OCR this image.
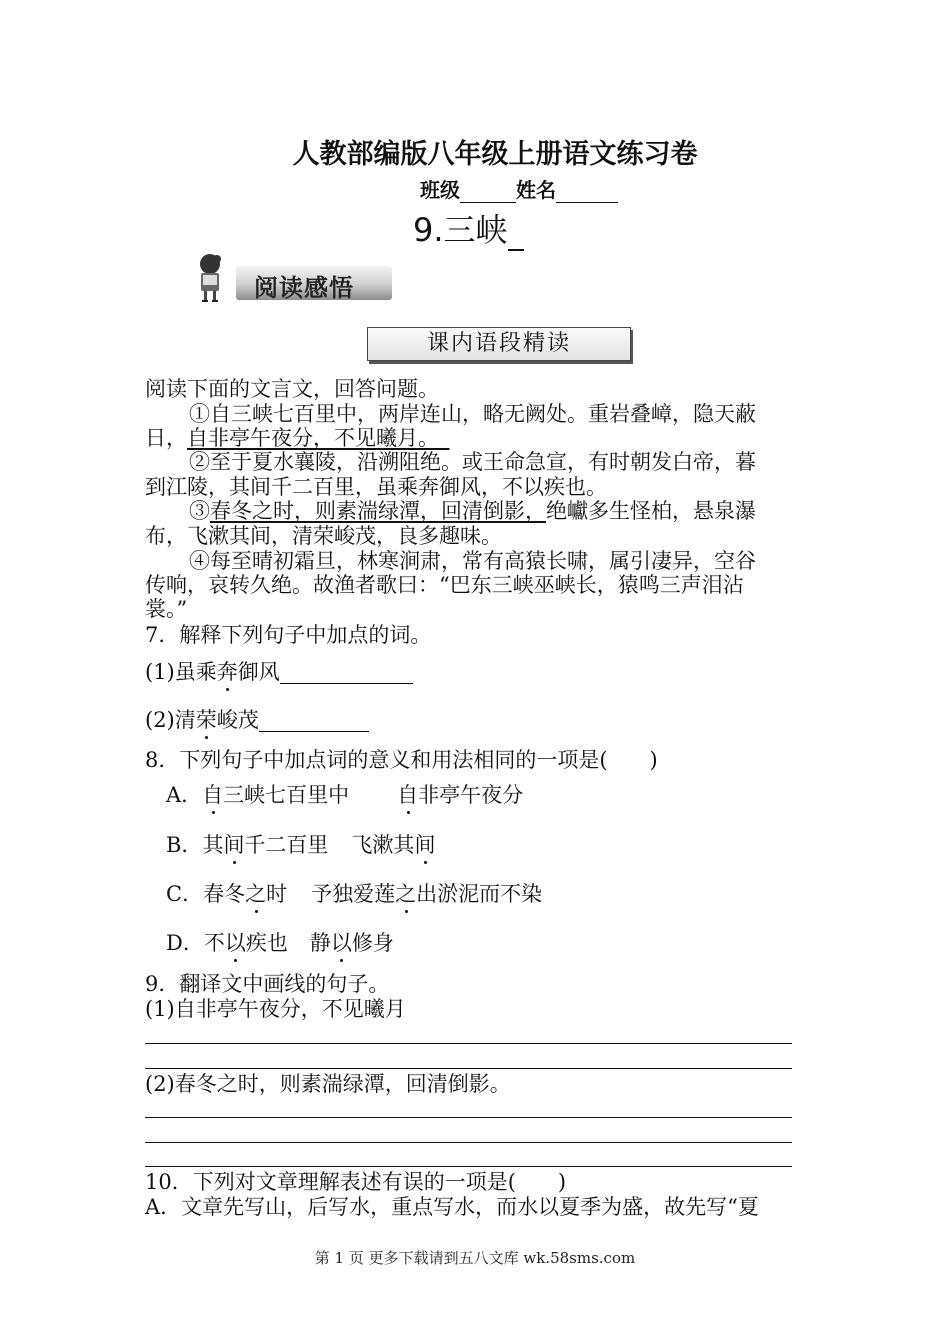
人教部编版八年级上册语文练习卷
班级	姓名
9.三峡
阅读感悟
课内语段精读
阅读下面的文言文，回答问题。
①自三峡七百里中，两岸连山，略无阙处。重岩叠嶂，隐天蔽
日，自非亭午夜分，不见曦月。　
②至于夏水襄陵，沿溯阻绝。或王命急宣，有时朝发白帝，暮
到江陵，其间千二百里，虽乘奔御风，不以疾也。
③春冬之时，则素湍绿潭，回清倒影，绝巘多生怪柏，悬泉瀑
布，飞漱其间，清荣峻茂，良多趣味。
④每至晴初霜旦，林寒涧肃，常有高猿长啸，属引凄异，空谷
传响，哀转久绝。故渔者歌曰：“巴东三峡巫峡长，猿鸣三声泪沾
裳。”
7．解释下列句子中加点的词。
(1)虽乘奔御风
(2)清荣峻茂
8．下列句子中加点词的意义和用法相同的一项是(　　)
A．自三峡七百里中 自非亭午夜分
B．其间千二百里 飞漱其间
C．春冬之时 予独爱莲之出淤泥而不染
D．不以疾也 静以修身
9．翻译文中画线的句子。
(1)自非亭午夜分，不见曦月
(2)春冬之时，则素湍绿潭，回清倒影。
10．下列对文章理解表述有误的一项是(　　)
A．文章先写山，后写水，重点写水，而水以夏季为盛，故先写“夏
第 1 页 更多下载请到五八文库 wk.58sms.com
